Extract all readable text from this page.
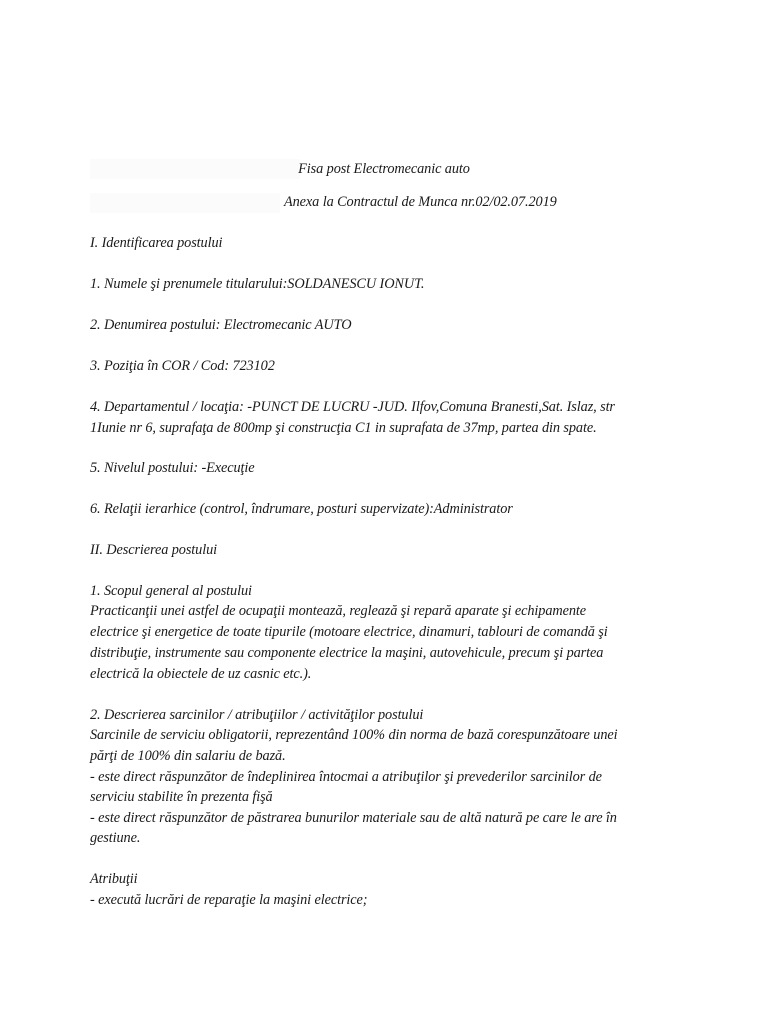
Fisa post Electromecanic auto
Anexa la Contractul de Munca nr.02/02.07.2019
I. Identificarea postului
1. Numele şi prenumele titularului:SOLDANESCU IONUT.
2. Denumirea postului: Electromecanic AUTO
3. Poziţia în COR / Cod: 723102
4. Departamentul / locaţia: -PUNCT DE LUCRU -JUD. Ilfov,Comuna Branesti,Sat. Islaz, str
1Iunie nr 6, suprafaţa de 800mp şi construcţia C1 in suprafata de 37mp, partea din spate.
5. Nivelul postului: -Execuţie
6. Relaţii ierarhice (control, îndrumare, posturi supervizate):Administrator
II. Descrierea postului
1. Scopul general al postului
Practicanţii unei astfel de ocupaţii montează, reglează şi repară aparate şi echipamente
electrice şi energetice de toate tipurile (motoare electrice, dinamuri, tablouri de comandă şi
distribuţie, instrumente sau componente electrice la maşini, autovehicule, precum şi partea
electrică la obiectele de uz casnic etc.).
2. Descrierea sarcinilor / atribuţiilor / activităţilor postului
Sarcinile de serviciu obligatorii, reprezentând 100% din norma de bază corespunzătoare unei
părţi de 100% din salariu de bază.
- este direct răspunzător de îndeplinirea întocmai a atribuţilor şi prevederilor sarcinilor de
serviciu stabilite în prezenta fişă
- este direct răspunzător de păstrarea bunurilor materiale sau de altă natură pe care le are în
gestiune.
Atribuţii
- execută lucrări de reparaţie la maşini electrice;
